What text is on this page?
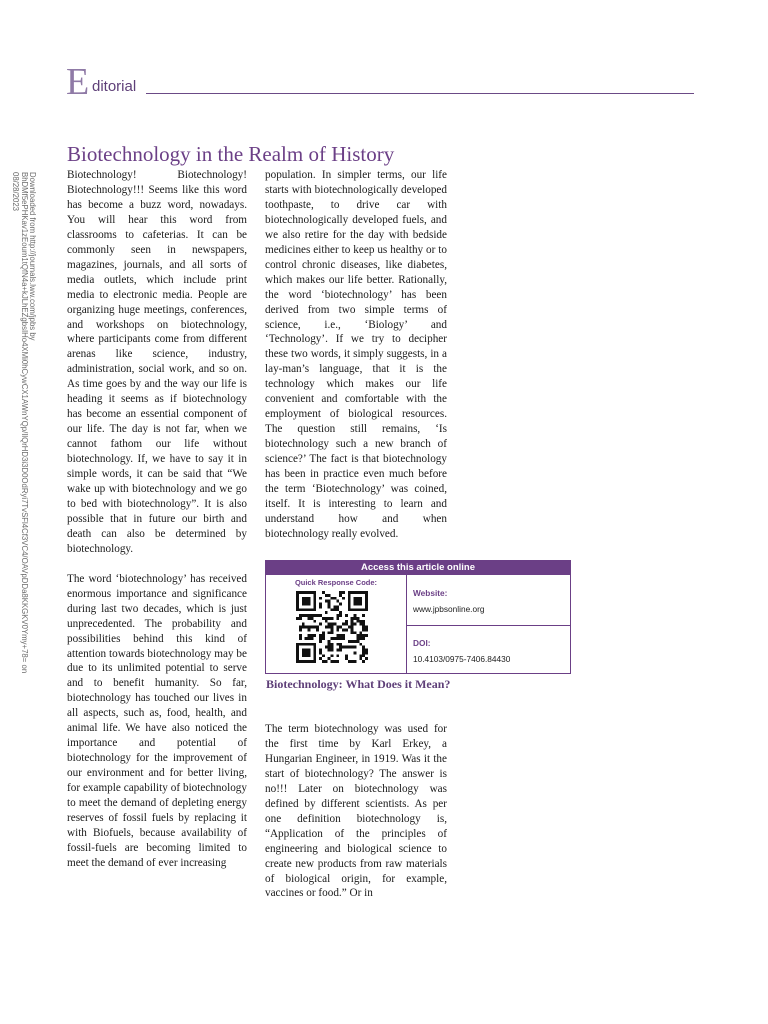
E ditorial
Biotechnology in the Realm of History
Downloaded from http://journals.lww.com/jpbs by
BhDMf5ePHKav1zEoum1tQfN4a+kJLhEZgbsIHo4XMi0hCywCX1AWnYQp/IlQrHD3i3D0OdRyi7TvSFl4Cf3VC4/OAVpDDa8KKGKV0Ymy+78= on
08/28/2023	Biotechnology! Biotechnology! Biotechnology!!! Seems like this word has become a buzz word, nowadays. You will hear this word from classrooms to cafeterias. It can be commonly seen in newspapers, magazines, journals, and all sorts of media outlets, which include print media to electronic media. People are organizing huge meetings, conferences, and workshops on biotechnology, where participants come from different arenas like science, industry, administration, social work, and so on. As time goes by and the way our life is heading it seems as if biotechnology has become an essential component of our life. The day is not far, when we cannot fathom our life without biotechnology. If, we have to say it in simple words, it can be said that “We wake up with biotechnology and we go to bed with biotechnology”. It is also possible that in future our birth and death can also be determined by biotechnology.

The word ‘biotechnology’ has received enormous importance and significance during last two decades, which is just unprecedented. The probability and possibilities behind this kind of attention towards biotechnology may be due to its unlimited potential to serve and to benefit humanity. So far, biotechnology has touched our lives in all aspects, such as, food, health, and animal life. We have also noticed the importance and potential of biotechnology for the improvement of our environment and for better living, for example capability of biotechnology to meet the demand of depleting energy reserves of fossil fuels by replacing it with Biofuels, because availability of fossil-fuels are becoming limited to meet the demand of ever increasing

population. In simpler terms, our life starts with biotechnologically developed toothpaste, to drive car with biotechnologically developed fuels, and we also retire for the day with bedside medicines either to keep us healthy or to control chronic diseases, like diabetes, which makes our life better. Rationally, the word ‘biotechnology’ has been derived from two simple terms of science, i.e., ‘Biology’ and ‘Technology’. If we try to decipher these two words, it simply suggests, in a lay-man’s language, that it is the technology which makes our life convenient and comfortable with the employment of biological resources. The question still remains, ‘Is biotechnology such a new branch of science?’ The fact is that biotechnology has been in practice even much before the term ‘Biotechnology’ was coined, itself. It is interesting to learn and understand how and when biotechnology really evolved.

Access this article online
Quick Response Code:
Website:
www.jpbsonline.org
DOI:
10.4103/0975-7406.84430
Biotechnology: What Does it Mean?

The term biotechnology was used for the first time by Karl Erkey, a Hungarian Engineer, in 1919. Was it the start of biotechnology? The answer is no!!! Later on biotechnology was defined by different scientists. As per one definition biotechnology is, “Application of the principles of engineering and biological science to create new products from raw materials of biological origin, for example, vaccines or food.” Or in
